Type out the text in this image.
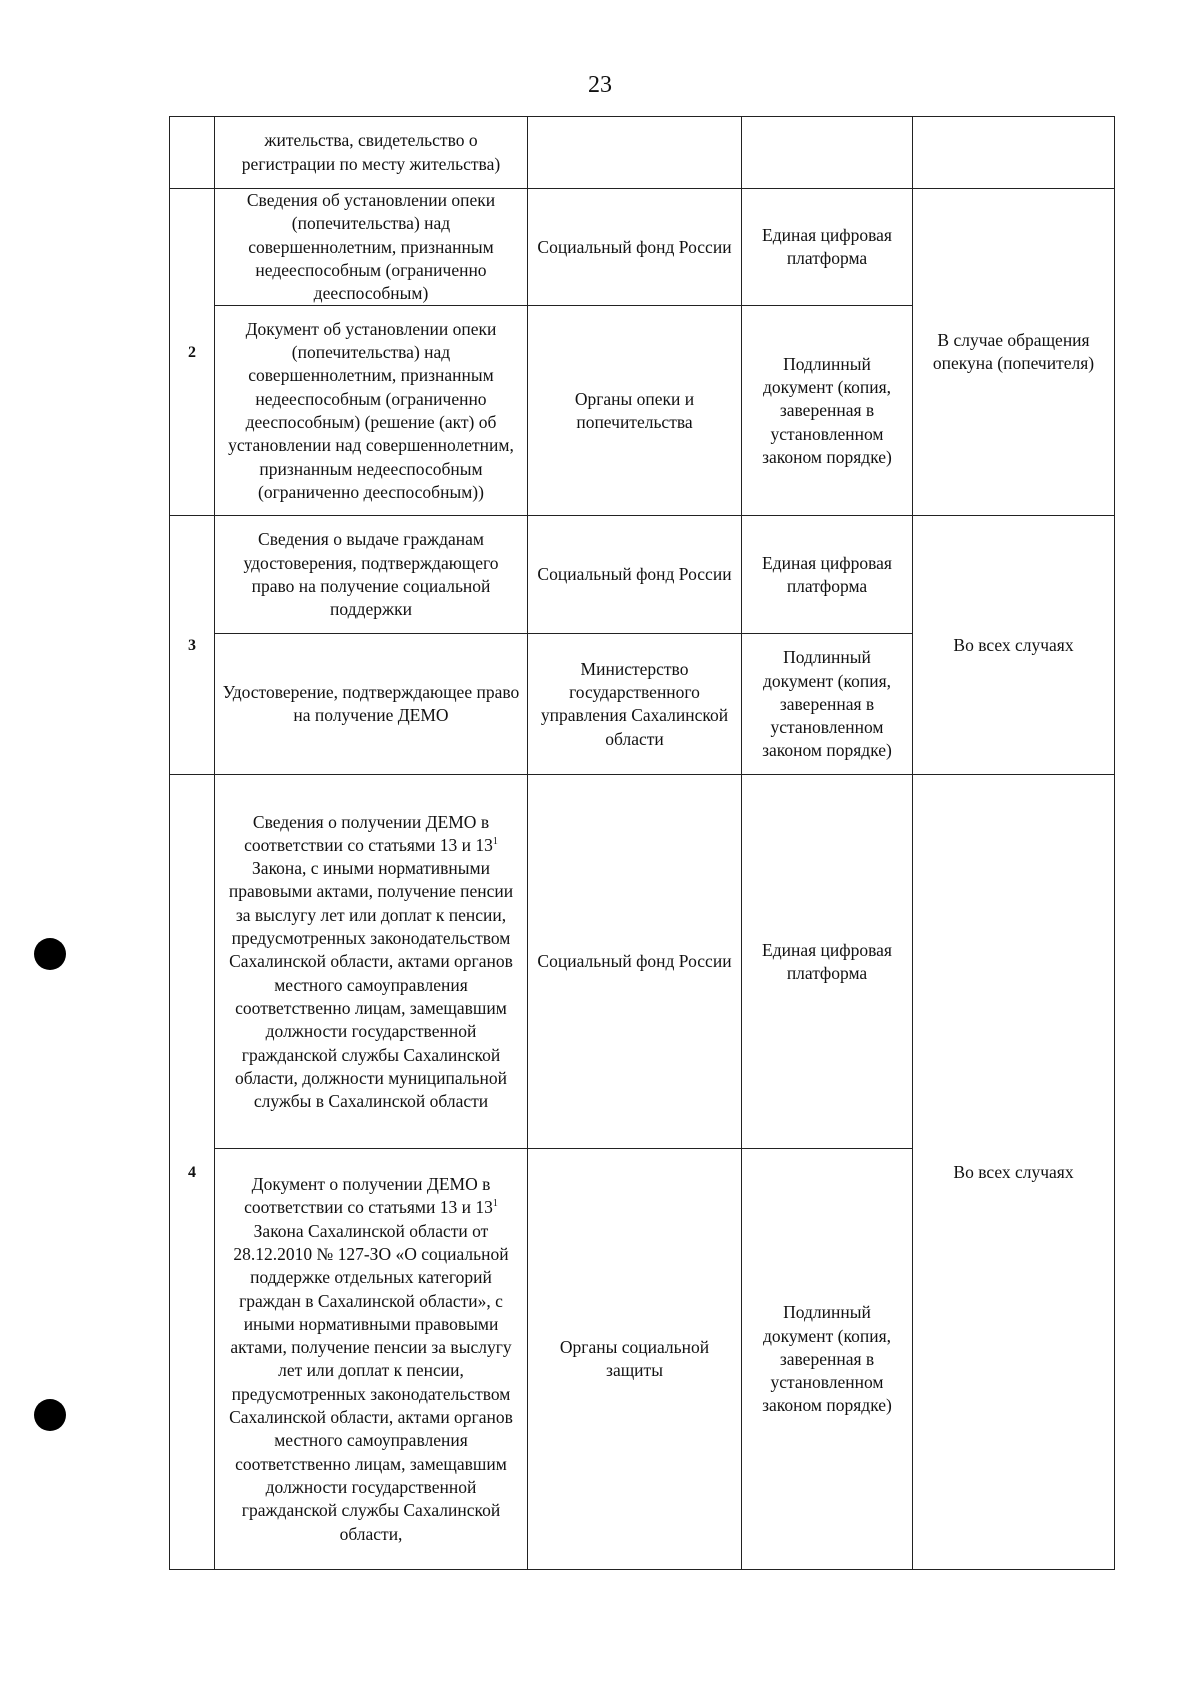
23
	жительства, свидетельство о регистрации по месту жительства)			
2	Сведения об установлении опеки (попечительства) над совершеннолетним, признанным недееспособным (ограниченно дееспособным)	Социальный фонд России	Единая цифровая платформа	В случае обращения опекуна (попечителя)
	Документ об установлении опеки (попечительства) над совершеннолетним, признанным недееспособным (ограниченно дееспособным) (решение (акт) об установлении над совершеннолетним, признанным недееспособным (ограниченно дееспособным))	Органы опеки и попечительства	Подлинный документ (копия, заверенная в установленном законом порядке)	
3	Сведения о выдаче гражданам удостоверения, подтверждающего право на получение социальной поддержки	Социальный фонд России	Единая цифровая платформа	Во всех случаях
	Удостоверение, подтверждающее право на получение ДЕМО	Министерство государственного управления Сахалинской области	Подлинный документ (копия, заверенная в установленном законом порядке)	
4	Сведения о получении ДЕМО в соответствии со статьями 13 и $13^1$ Закона, с иными нормативными правовыми актами, получение пенсии за выслугу лет или доплат к пенсии, предусмотренных законодательством Сахалинской области, актами органов местного самоуправления соответственно лицам, замещавшим должности государственной гражданской службы Сахалинской области, должности муниципальной службы в Сахалинской области	Социальный фонд России	Единая цифровая платформа	Во всех случаях
	Документ о получении ДЕМО в соответствии со статьями 13 и $13^1$ Закона Сахалинской области от 28.12.2010 № 127-ЗО «О социальной поддержке отдельных категорий граждан в Сахалинской области», с иными нормативными правовыми актами, получение пенсии за выслугу лет или доплат к пенсии, предусмотренных законодательством Сахалинской области, актами органов местного самоуправления соответственно лицам, замещавшим должности государственной гражданской службы Сахалинской области,	Органы социальной защиты	Подлинный документ (копия, заверенная в установленном законом порядке)	
